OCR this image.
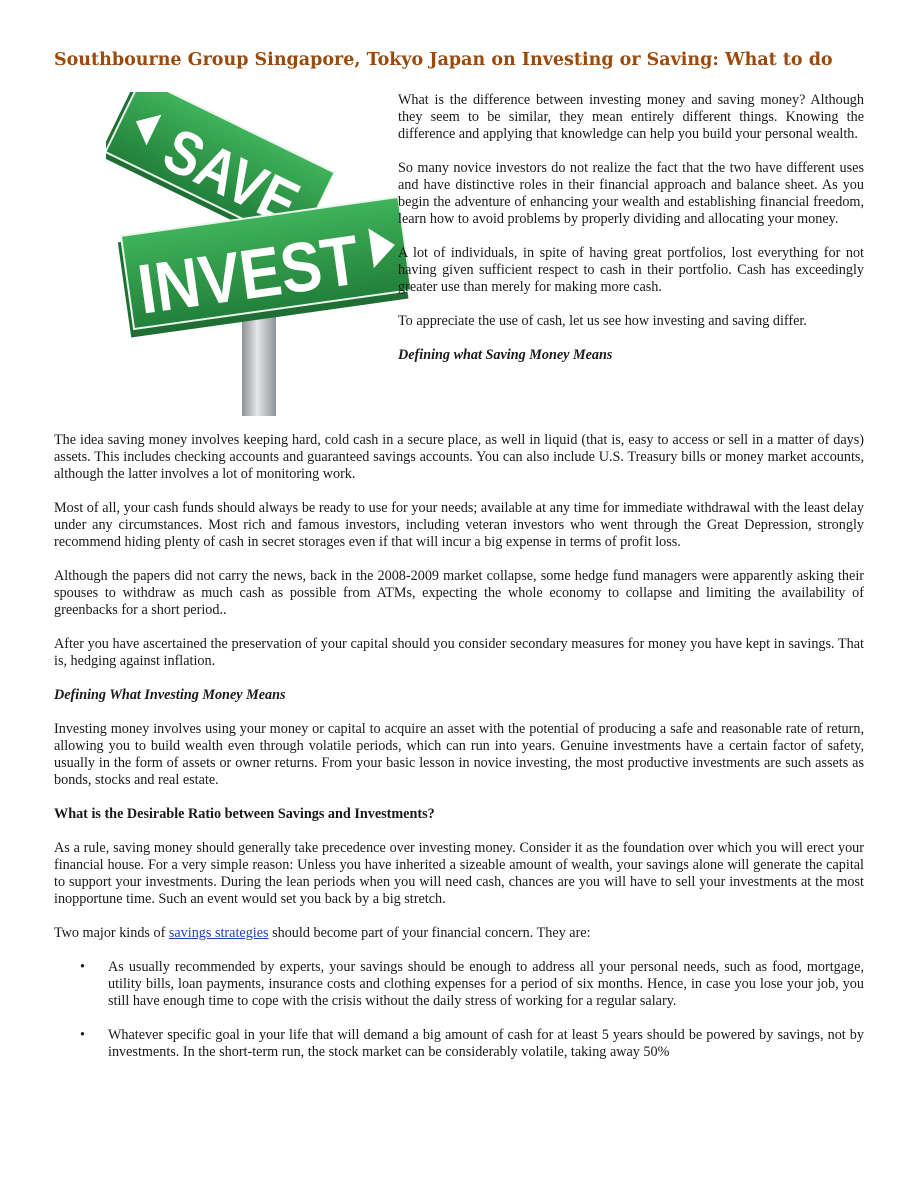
Southbourne Group Singapore, Tokyo Japan on Investing or Saving: What to do
SAVE
INVEST

What is the difference between investing money and saving money? Although they seem to be similar, they mean entirely different things. Knowing the difference and applying that knowledge can help you build your personal wealth.

So many novice investors do not realize the fact that the two have different uses and have distinctive roles in their financial approach and balance sheet. As you begin the adventure of enhancing your wealth and establishing financial freedom, learn how to avoid problems by properly dividing and allocating your money.

A lot of individuals, in spite of having great portfolios, lost everything for not having given sufficient respect to cash in their portfolio. Cash has exceedingly greater use than merely for making more cash.

To appreciate the use of cash, let us see how investing and saving differ.

Defining what Saving Money Means

The idea saving money involves keeping hard, cold cash in a secure place, as well in liquid (that is, easy to access or sell in a matter of days) assets. This includes checking accounts and guaranteed savings accounts. You can also include U.S. Treasury bills or money market accounts, although the latter involves a lot of monitoring work.

Most of all, your cash funds should always be ready to use for your needs; available at any time for immediate withdrawal with the least delay under any circumstances. Most rich and famous investors, including veteran investors who went through the Great Depression, strongly recommend hiding plenty of cash in secret storages even if that will incur a big expense in terms of profit loss.

Although the papers did not carry the news, back in the 2008-2009 market collapse, some hedge fund managers were apparently asking their spouses to withdraw as much cash as possible from ATMs, expecting the whole economy to collapse and limiting the availability of greenbacks for a short period..

After you have ascertained the preservation of your capital should you consider secondary measures for money you have kept in savings. That is, hedging against inflation.

Defining What Investing Money Means

Investing money involves using your money or capital to acquire an asset with the potential of producing a safe and reasonable rate of return, allowing you to build wealth even through volatile periods, which can run into years. Genuine investments have a certain factor of safety, usually in the form of assets or owner returns. From your basic lesson in novice investing, the most productive investments are such assets as bonds, stocks and real estate.

What is the Desirable Ratio between Savings and Investments?

As a rule, saving money should generally take precedence over investing money. Consider it as the foundation over which you will erect your financial house. For a very simple reason: Unless you have inherited a sizeable amount of wealth, your savings alone will generate the capital to support your investments. During the lean periods when you will need cash, chances are you will have to sell your investments at the most inopportune time. Such an event would set you back by a big stretch.

Two major kinds of savings strategies should become part of your financial concern. They are:

• As usually recommended by experts, your savings should be enough to address all your personal needs, such as food, mortgage, utility bills, loan payments, insurance costs and clothing expenses for a period of six months. Hence, in case you lose your job, you still have enough time to cope with the crisis without the daily stress of working for a regular salary.
• Whatever specific goal in your life that will demand a big amount of cash for at least 5 years should be powered by savings, not by investments. In the short-term run, the stock market can be considerably volatile, taking away 50%
